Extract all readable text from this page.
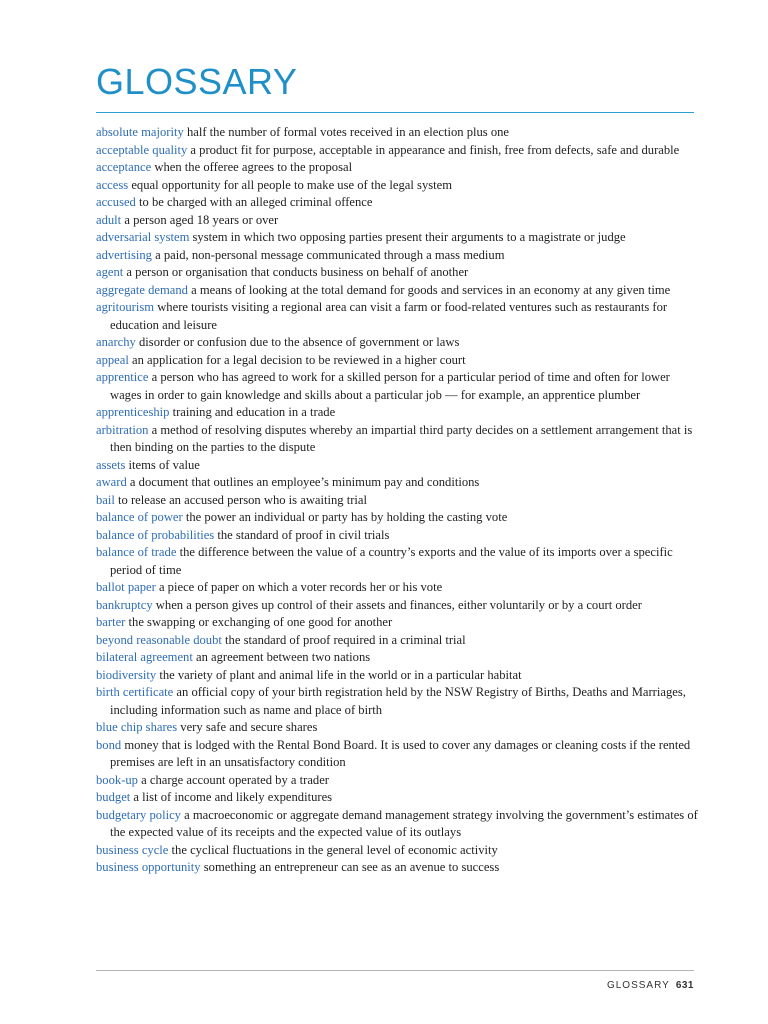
GLOSSARY
absolute majority half the number of formal votes received in an election plus one
acceptable quality a product fit for purpose, acceptable in appearance and finish, free from defects, safe and durable
acceptance when the offeree agrees to the proposal
access equal opportunity for all people to make use of the legal system
accused to be charged with an alleged criminal offence
adult a person aged 18 years or over
adversarial system system in which two opposing parties present their arguments to a magistrate or judge
advertising a paid, non-personal message communicated through a mass medium
agent a person or organisation that conducts business on behalf of another
aggregate demand a means of looking at the total demand for goods and services in an economy at any given time
agritourism where tourists visiting a regional area can visit a farm or food-related ventures such as restaurants for education and leisure
anarchy disorder or confusion due to the absence of government or laws
appeal an application for a legal decision to be reviewed in a higher court
apprentice a person who has agreed to work for a skilled person for a particular period of time and often for lower wages in order to gain knowledge and skills about a particular job — for example, an apprentice plumber
apprenticeship training and education in a trade
arbitration a method of resolving disputes whereby an impartial third party decides on a settlement arrangement that is then binding on the parties to the dispute
assets items of value
award a document that outlines an employee’s minimum pay and conditions
bail to release an accused person who is awaiting trial
balance of power the power an individual or party has by holding the casting vote
balance of probabilities the standard of proof in civil trials
balance of trade the difference between the value of a country’s exports and the value of its imports over a specific period of time
ballot paper a piece of paper on which a voter records her or his vote
bankruptcy when a person gives up control of their assets and finances, either voluntarily or by a court order
barter the swapping or exchanging of one good for another
beyond reasonable doubt the standard of proof required in a criminal trial
bilateral agreement an agreement between two nations
biodiversity the variety of plant and animal life in the world or in a particular habitat
birth certificate an official copy of your birth registration held by the NSW Registry of Births, Deaths and Marriages, including information such as name and place of birth
blue chip shares very safe and secure shares
bond money that is lodged with the Rental Bond Board. It is used to cover any damages or cleaning costs if the rented premises are left in an unsatisfactory condition
book-up a charge account operated by a trader
budget a list of income and likely expenditures
budgetary policy a macroeconomic or aggregate demand management strategy involving the government’s estimates of the expected value of its receipts and the expected value of its outlays
business cycle the cyclical fluctuations in the general level of economic activity
business opportunity something an entrepreneur can see as an avenue to success
GLOSSARY 631
